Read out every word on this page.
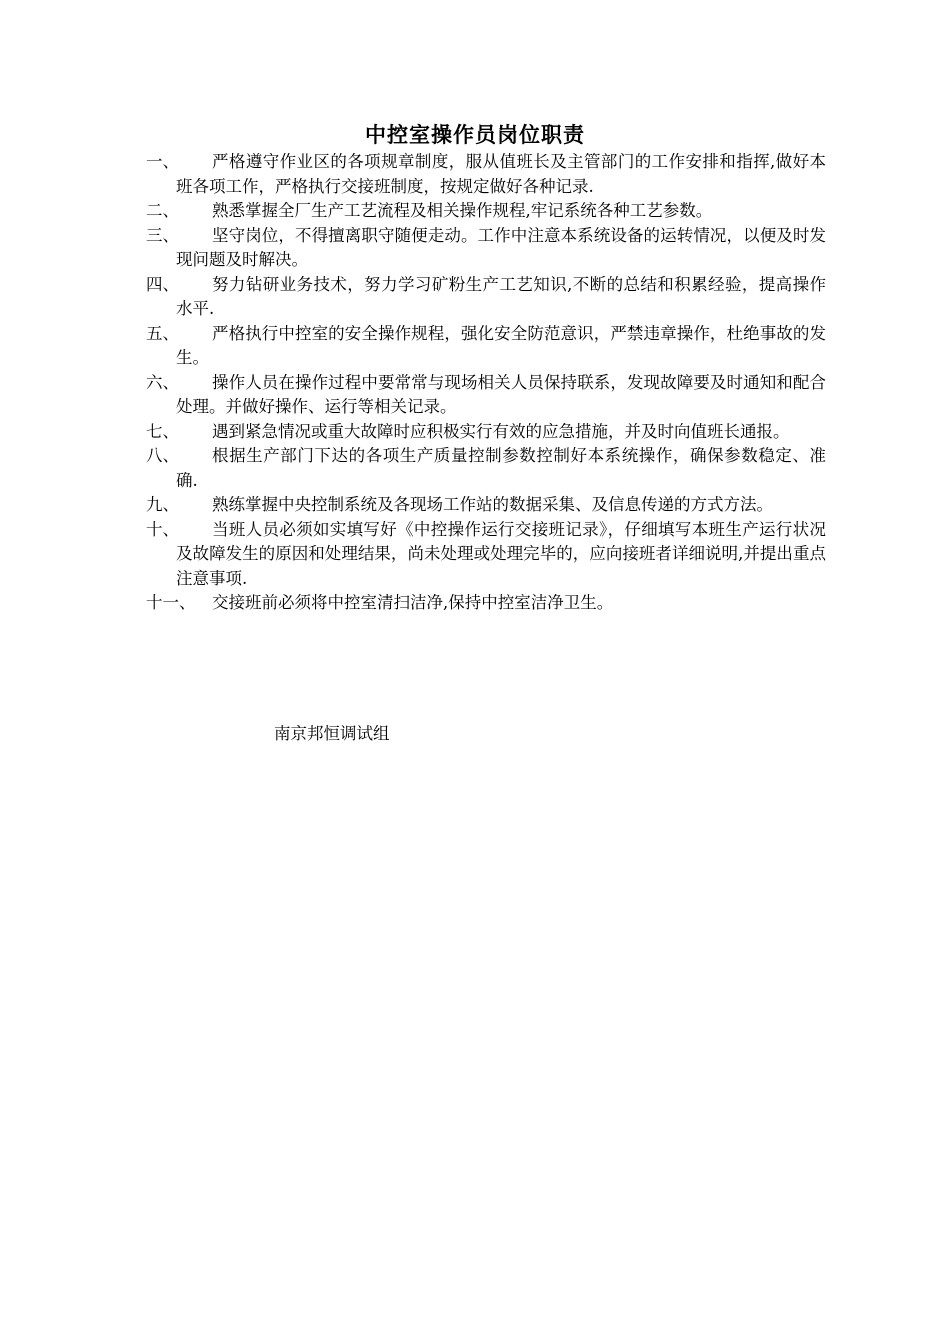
中控室操作员岗位职责
一、	严格遵守作业区的各项规章制度，服从值班长及主管部门的工作安排和指挥,做好本班各项工作，严格执行交接班制度，按规定做好各种记录.
二、	熟悉掌握全厂生产工艺流程及相关操作规程,牢记系统各种工艺参数。
三、	坚守岗位，不得擅离职守随便走动。工作中注意本系统设备的运转情况，以便及时发现问题及时解决。
四、	努力钻研业务技术，努力学习矿粉生产工艺知识,不断的总结和积累经验，提高操作水平.
五、	严格执行中控室的安全操作规程，强化安全防范意识，严禁违章操作，杜绝事故的发生。
六、	操作人员在操作过程中要常常与现场相关人员保持联系，发现故障要及时通知和配合处理。并做好操作、运行等相关记录。
七、	遇到紧急情况或重大故障时应积极实行有效的应急措施，并及时向值班长通报。
八、	根据生产部门下达的各项生产质量控制参数控制好本系统操作，确保参数稳定、准确.
九、	熟练掌握中央控制系统及各现场工作站的数据采集、及信息传递的方式方法。
十、	当班人员必须如实填写好《中控操作运行交接班记录》，仔细填写本班生产运行状况及故障发生的原因和处理结果，尚未处理或处理完毕的，应向接班者详细说明,并提出重点注意事项.
十一、	交接班前必须将中控室清扫洁净,保持中控室洁净卫生。
南京邦恒调试组
